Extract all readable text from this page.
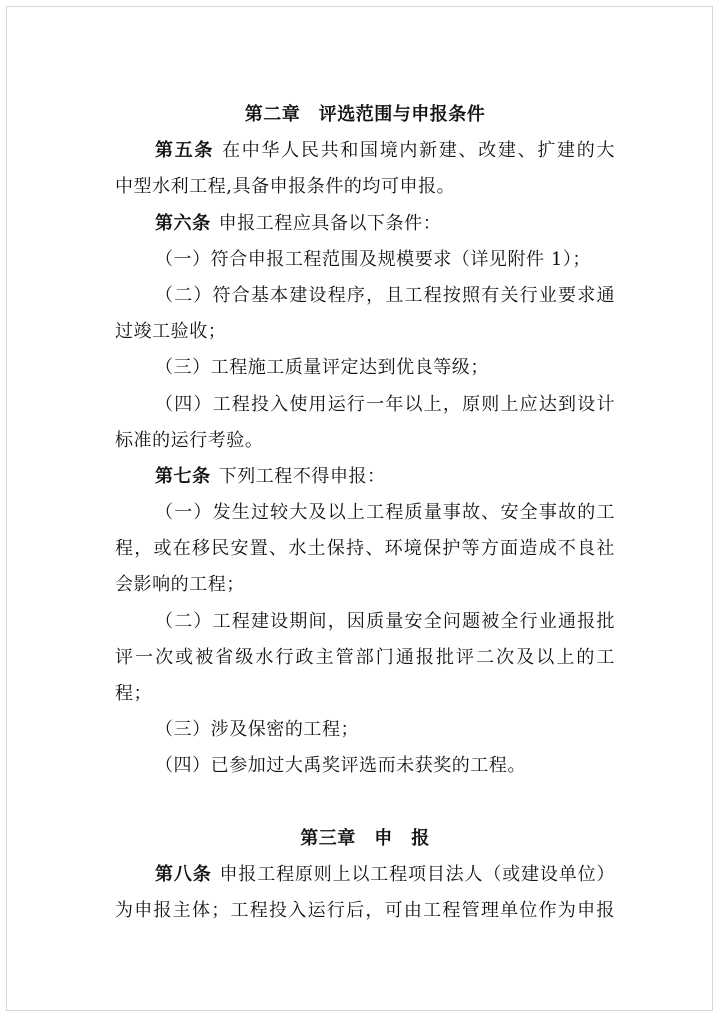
第二章　评选范围与申报条件
第五条 在中华人民共和国境内新建、改建、扩建的大
中型水利工程,具备申报条件的均可申报。
第六条 申报工程应具备以下条件：
（一）符合申报工程范围及规模要求（详见附件 1）；
（二）符合基本建设程序，且工程按照有关行业要求通
过竣工验收；
（三）工程施工质量评定达到优良等级；
（四）工程投入使用运行一年以上，原则上应达到设计
标准的运行考验。
第七条 下列工程不得申报：
（一）发生过较大及以上工程质量事故、安全事故的工
程，或在移民安置、水土保持、环境保护等方面造成不良社
会影响的工程；
（二）工程建设期间，因质量安全问题被全行业通报批
评一次或被省级水行政主管部门通报批评二次及以上的工
程；
（三）涉及保密的工程；
（四）已参加过大禹奖评选而未获奖的工程。
第三章　申　报
第八条 申报工程原则上以工程项目法人（或建设单位）
为申报主体；工程投入运行后，可由工程管理单位作为申报
